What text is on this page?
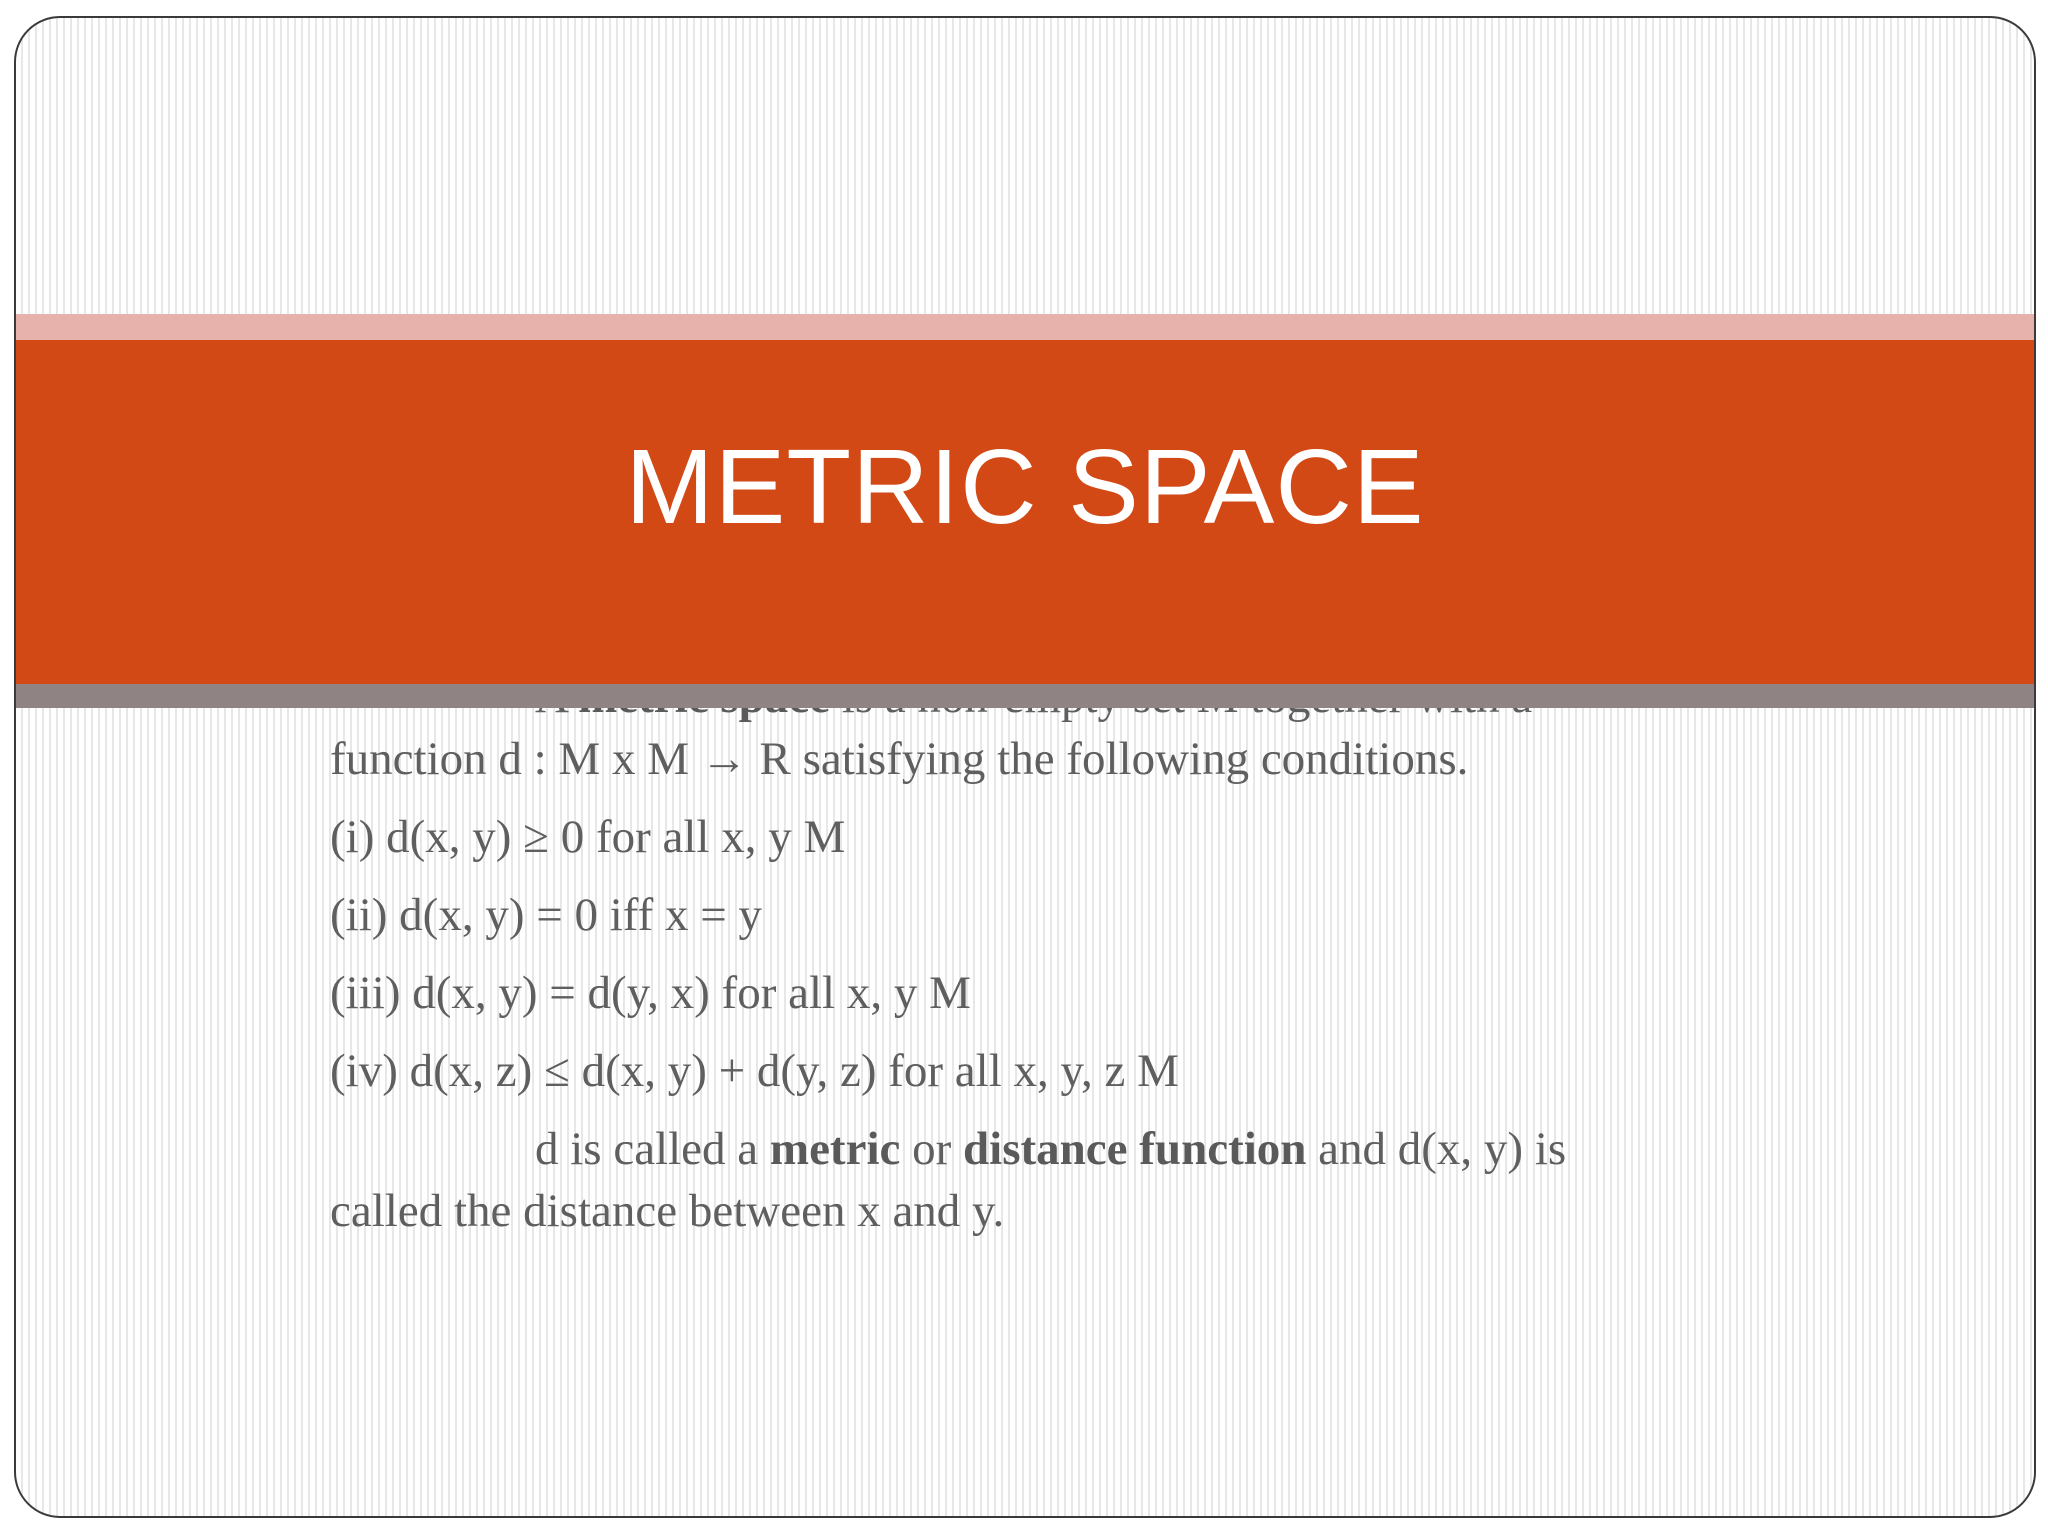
function d : M x M → R satisfying the following conditions.

(i) d(x, y) ≥ 0 for all x, y M

(ii) d(x, y) = 0 iff x = y

(iii) d(x, y) = d(y, x) for all x, y M

(iv) d(x, z) ≤ d(x, y) + d(y, z) for all x, y, z M

d is called a metric or distance function and d(x, y) is

called the distance between x and y.

METRIC SPACE
